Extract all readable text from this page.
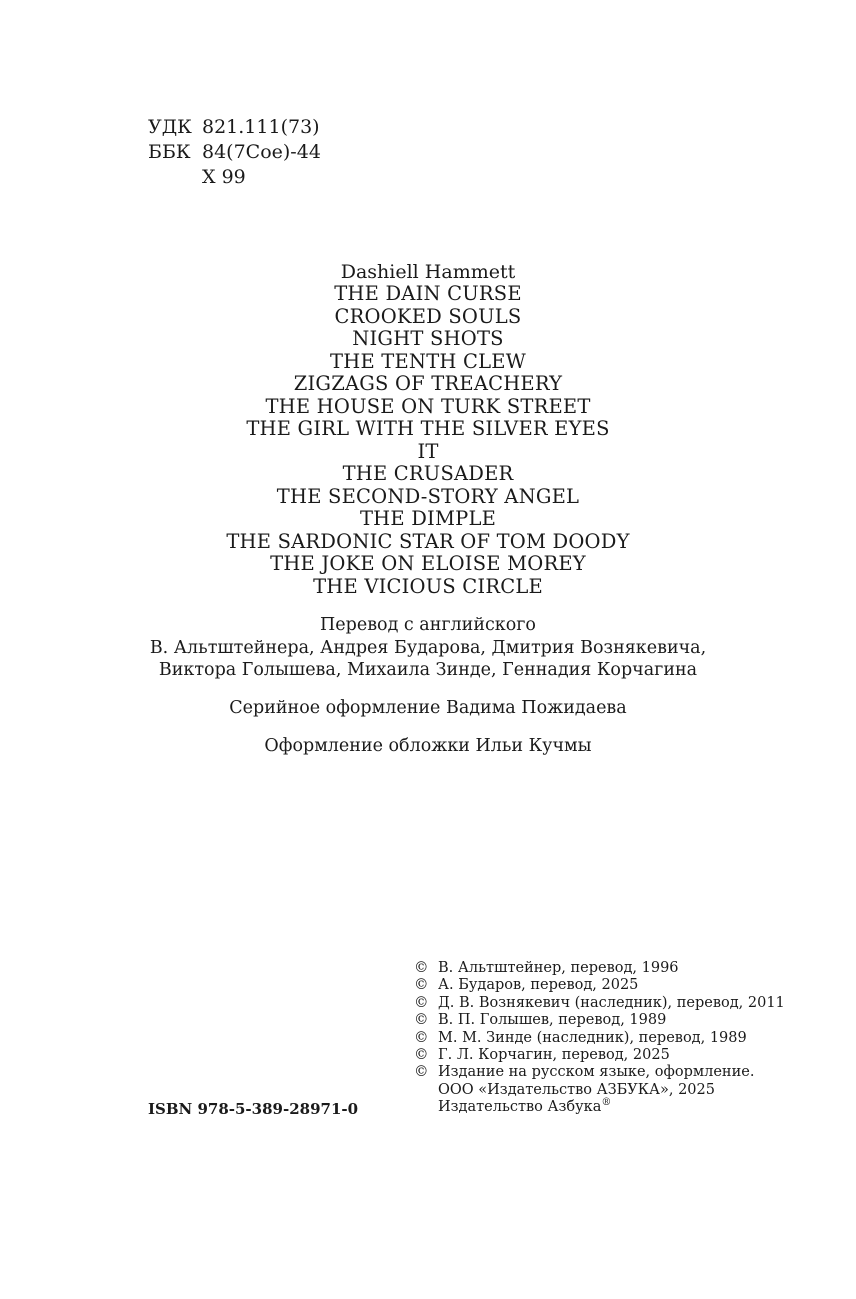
УДК 821.111(73)
ББК 84(7Сое)-44
Х 99
Dashiell Hammett
THE DAIN CURSE
CROOKED SOULS
NIGHT SHOTS
THE TENTH CLEW
ZIGZAGS OF TREACHERY
THE HOUSE ON TURK STREET
THE GIRL WITH THE SILVER EYES
IT
THE CRUSADER
THE SECOND-STORY ANGEL
THE DIMPLE
THE SARDONIC STAR OF TOM DOODY
THE JOKE ON ELOISE MOREY
THE VICIOUS CIRCLE
Перевод с английского
В. Альтштейнера, Андрея Бударова, Дмитрия Вознякевича,
Виктора Голышева, Михаила Зинде, Геннадия Корчагина
Серийное оформление Вадима Пожидаева
Оформление обложки Ильи Кучмы
© В. Альтштейнер, перевод, 1996
© А. Бударов, перевод, 2025
© Д. В. Вознякевич (наследник), перевод, 2011
© В. П. Голышев, перевод, 1989
© М. М. Зинде (наследник), перевод, 1989
© Г. Л. Корчагин, перевод, 2025
© Издание на русском языке, оформление.
ООО «Издательство АЗБУКА», 2025
Издательство Азбука®
ISBN 978-5-389-28971-0
